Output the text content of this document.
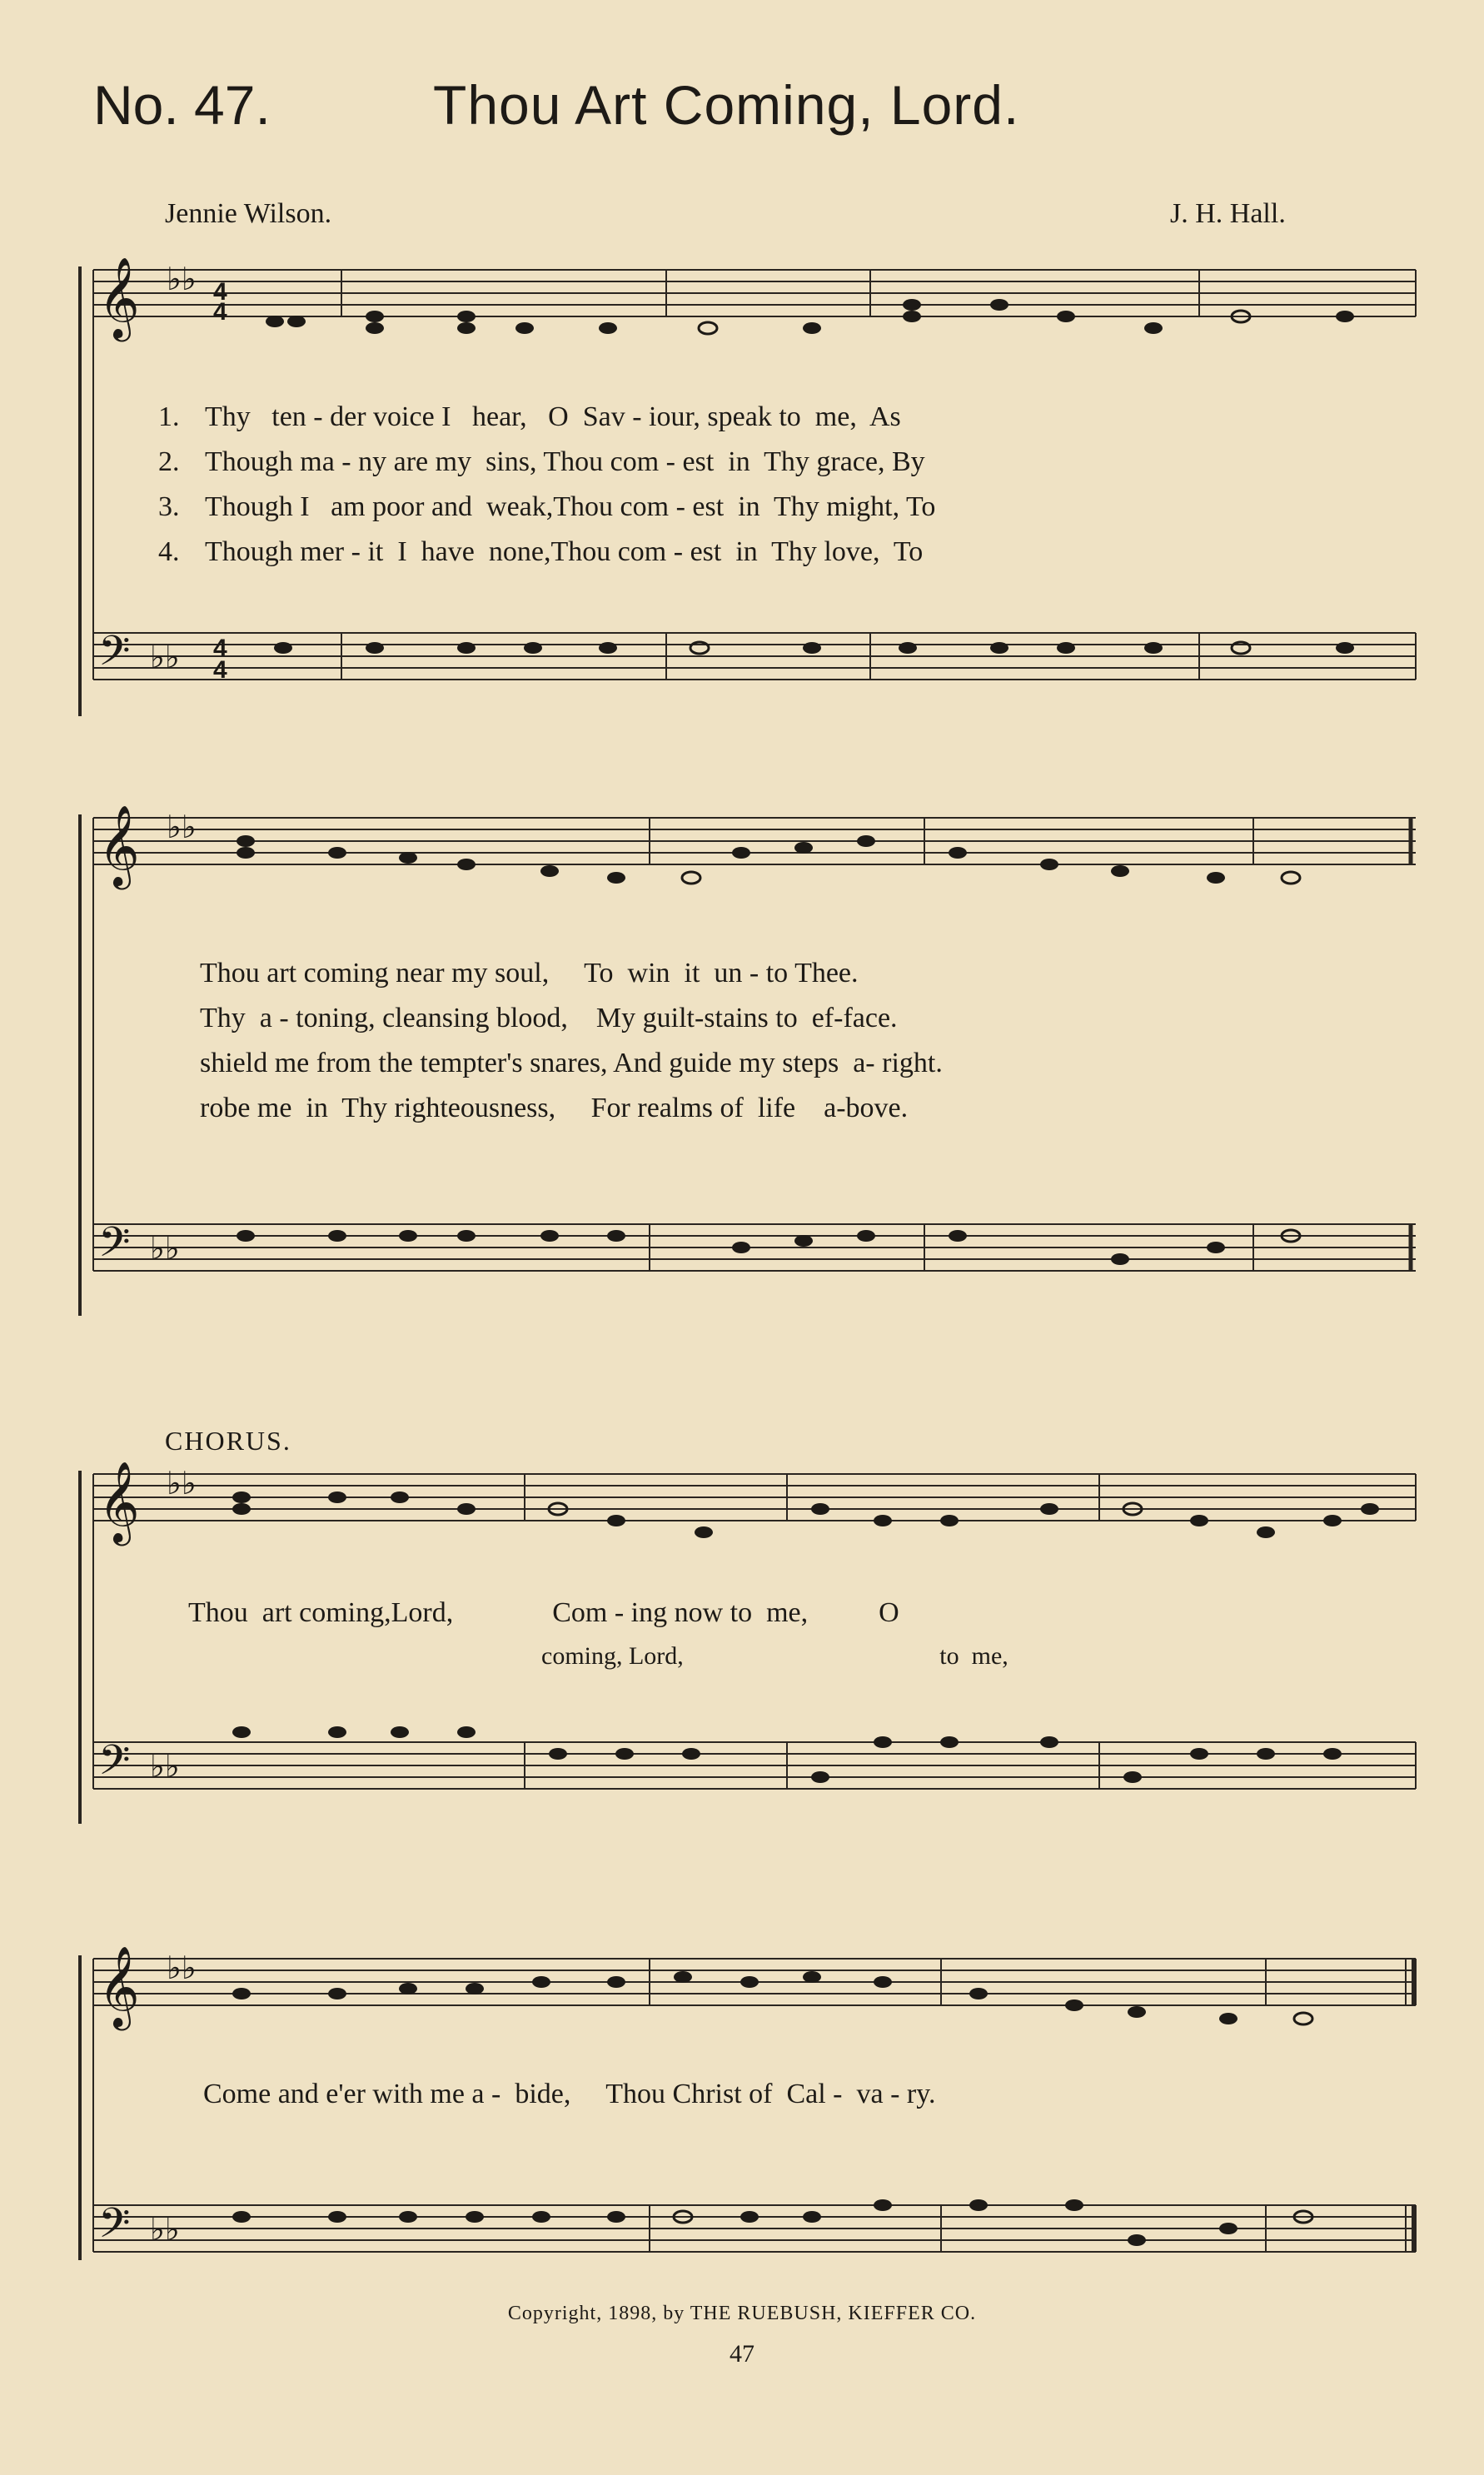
No. 47.	Thou Art Coming, Lord.
Jennie Wilson.	J. H. Hall.
𝄞
𝄢
♭♭
♭♭
4
4
4
4
1. Thy   ten - der voice I   hear,   O  Sav - iour, speak to  me,  As
2. Though ma - ny are my  sins, Thou com - est  in  Thy grace, By
3. Though I   am poor and  weak,Thou com - est  in  Thy might, To
4. Though mer - it  I  have  none,Thou com - est  in  Thy love,  To
𝄞
𝄢
♭♭
♭♭
Thou art coming near my soul,     To  win  it  un - to Thee.
Thy  a - toning, cleansing blood,    My guilt-stains to  ef-face.
shield me from the tempter's snares, And guide my steps  a- right.
robe me  in  Thy righteousness,     For realms of  life    a-bove.
CHORUS.
𝄞
𝄢
♭♭
♭♭
Thou  art coming,Lord,              Com - ing now to  me,          O
coming, Lord,                                         to  me,
𝄞
𝄢
♭♭
♭♭
Come and e'er with me a -  bide,     Thou Christ of  Cal -  va - ry.
Copyright, 1898, by THE RUEBUSH, KIEFFER CO.
47
